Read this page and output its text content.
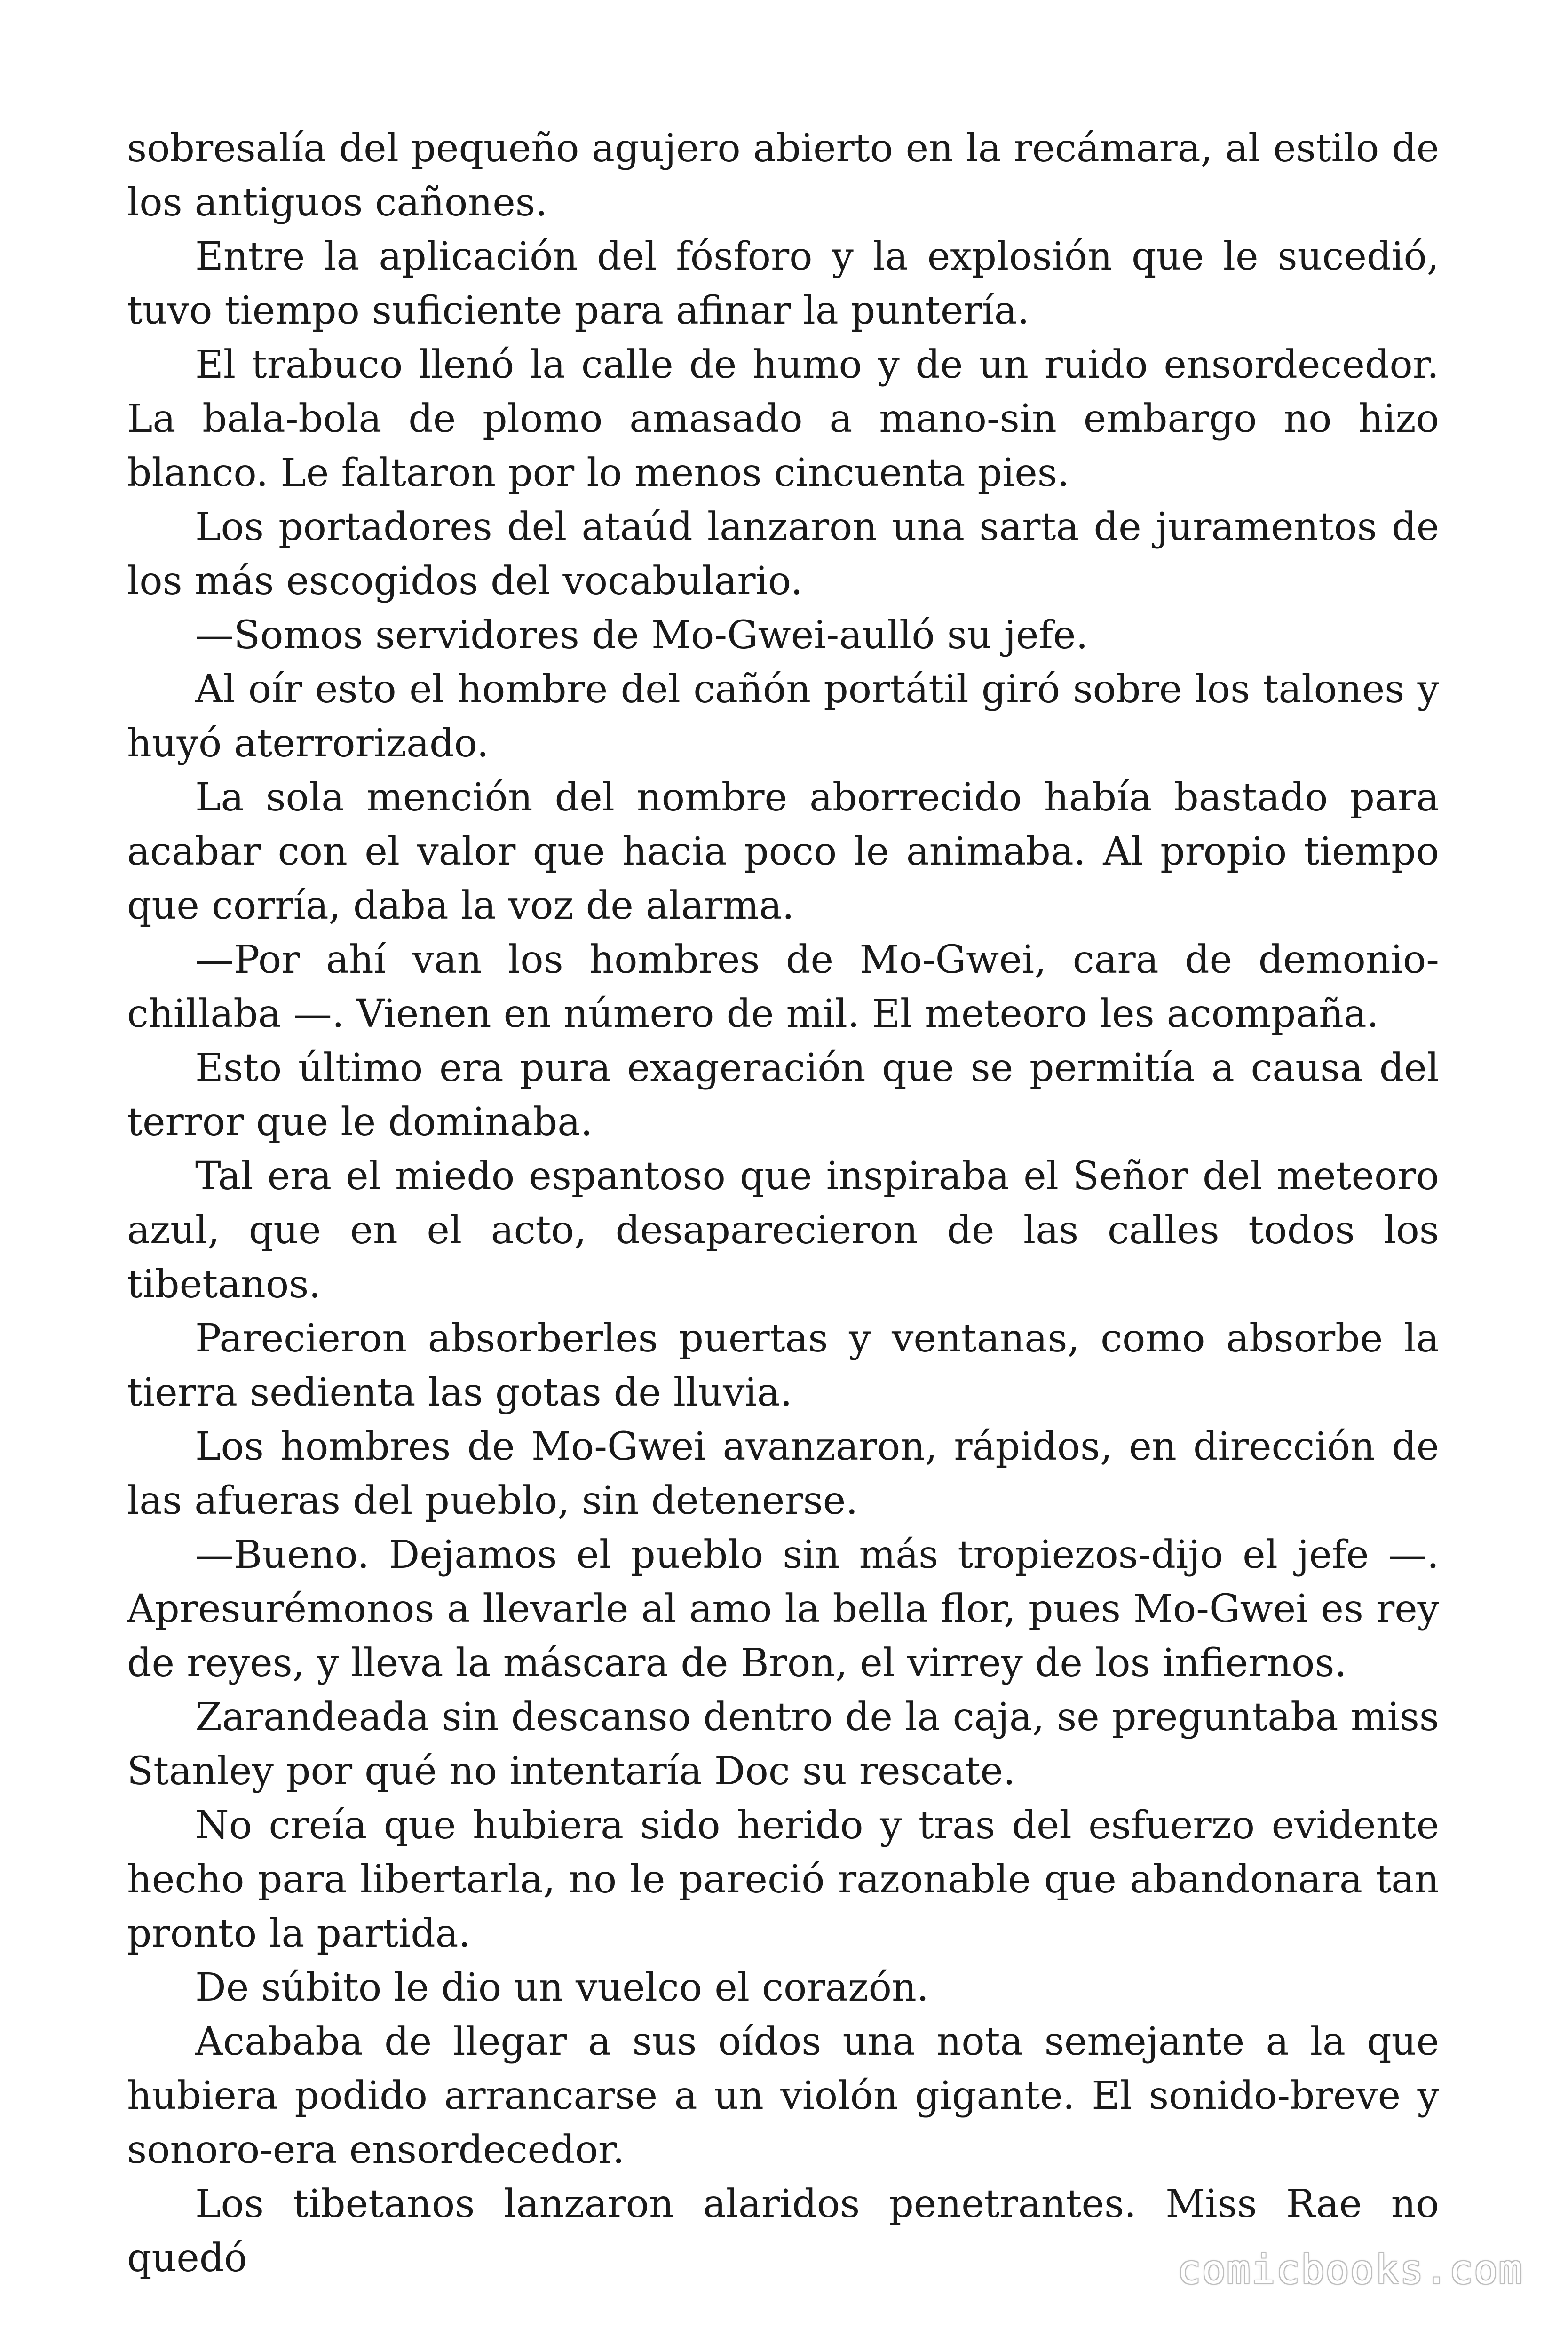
sobresalía del pequeño agujero abierto en la recámara, al estilo de los antiguos cañones.

Entre la aplicación del fósforo y la explosión que le sucedió, tuvo tiempo suficiente para afinar la puntería.

El trabuco llenó la calle de humo y de un ruido ensordecedor. La bala-bola de plomo amasado a mano-sin embargo no hizo blanco. Le faltaron por lo menos cincuenta pies.

Los portadores del ataúd lanzaron una sarta de juramentos de los más escogidos del vocabulario.

—Somos servidores de Mo-Gwei-aulló su jefe.

Al oír esto el hombre del cañón portátil giró sobre los talones y huyó aterrorizado.

La sola mención del nombre aborrecido había bastado para acabar con el valor que hacia poco le animaba. Al propio tiempo que corría, daba la voz de alarma.

—Por ahí van los hombres de Mo-Gwei, cara de demonio-chillaba —. Vienen en número de mil. El meteoro les acompaña.

Esto último era pura exageración que se permitía a causa del terror que le dominaba.

Tal era el miedo espantoso que inspiraba el Señor del meteoro azul, que en el acto, desaparecieron de las calles todos los tibetanos.

Parecieron absorberles puertas y ventanas, como absorbe la tierra sedienta las gotas de lluvia.

Los hombres de Mo-Gwei avanzaron, rápidos, en dirección de las afueras del pueblo, sin detenerse.

—Bueno. Dejamos el pueblo sin más tropiezos-dijo el jefe —. Apresurémonos a llevarle al amo la bella flor, pues Mo-Gwei es rey de reyes, y lleva la máscara de Bron, el virrey de los infiernos.

Zarandeada sin descanso dentro de la caja, se preguntaba miss Stanley por qué no intentaría Doc su rescate.

No creía que hubiera sido herido y tras del esfuerzo evidente hecho para libertarla, no le pareció razonable que abandonara tan pronto la partida.

De súbito le dio un vuelco el corazón.

Acababa de llegar a sus oídos una nota semejante a la que hubiera podido arrancarse a un violón gigante. El sonido-breve y sonoro-era ensordecedor.

Los tibetanos lanzaron alaridos penetrantes. Miss Rae no quedó	comicbooks.com
